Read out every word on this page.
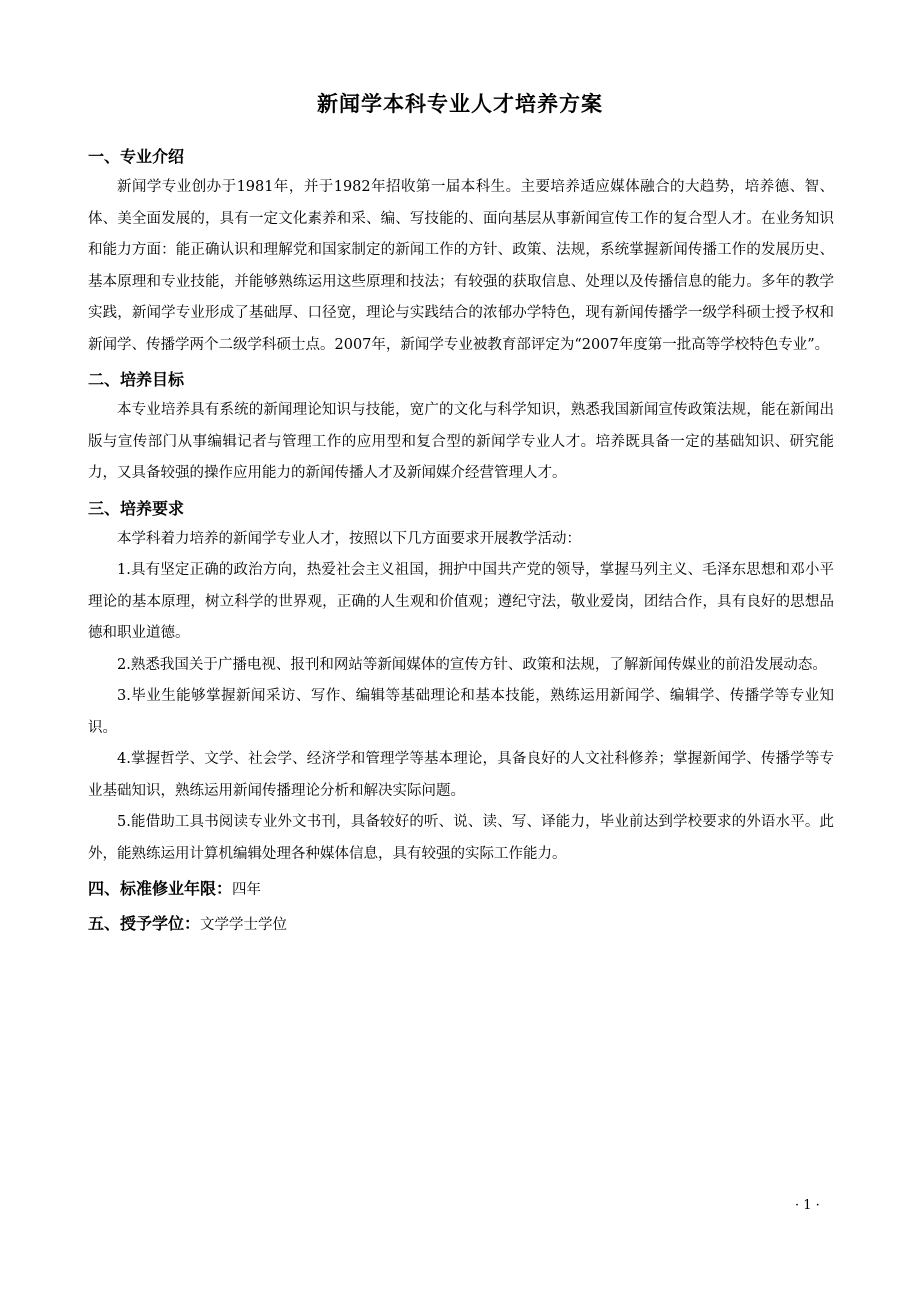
新闻学本科专业人才培养方案
一、专业介绍

新闻学专业创办于1981年，并于1982年招收第一届本科生。主要培养适应媒体融合的大趋势，培养德、智、体、美全面发展的，具有一定文化素养和采、编、写技能的、面向基层从事新闻宣传工作的复合型人才。在业务知识和能力方面：能正确认识和理解党和国家制定的新闻工作的方针、政策、法规，系统掌握新闻传播工作的发展历史、基本原理和专业技能，并能够熟练运用这些原理和技法；有较强的获取信息、处理以及传播信息的能力。多年的教学实践，新闻学专业形成了基础厚、口径宽，理论与实践结合的浓郁办学特色，现有新闻传播学一级学科硕士授予权和新闻学、传播学两个二级学科硕士点。2007年，新闻学专业被教育部评定为“2007年度第一批高等学校特色专业”。

二、培养目标

本专业培养具有系统的新闻理论知识与技能，宽广的文化与科学知识，熟悉我国新闻宣传政策法规，能在新闻出版与宣传部门从事编辑记者与管理工作的应用型和复合型的新闻学专业人才。培养既具备一定的基础知识、研究能力，又具备较强的操作应用能力的新闻传播人才及新闻媒介经营管理人才。

三、培养要求

本学科着力培养的新闻学专业人才，按照以下几方面要求开展教学活动：

1.具有坚定正确的政治方向，热爱社会主义祖国，拥护中国共产党的领导，掌握马列主义、毛泽东思想和邓小平理论的基本原理，树立科学的世界观，正确的人生观和价值观；遵纪守法，敬业爱岗，团结合作，具有良好的思想品德和职业道德。

2.熟悉我国关于广播电视、报刊和网站等新闻媒体的宣传方针、政策和法规，了解新闻传媒业的前沿发展动态。

3.毕业生能够掌握新闻采访、写作、编辑等基础理论和基本技能，熟练运用新闻学、编辑学、传播学等专业知识。

4.掌握哲学、文学、社会学、经济学和管理学等基本理论，具备良好的人文社科修养；掌握新闻学、传播学等专业基础知识，熟练运用新闻传播理论分析和解决实际问题。

5.能借助工具书阅读专业外文书刊，具备较好的听、说、读、写、译能力，毕业前达到学校要求的外语水平。此外，能熟练运用计算机编辑处理各种媒体信息，具有较强的实际工作能力。

四、标准修业年限：四年
五、授予学位：文学学士学位
· 1 ·
